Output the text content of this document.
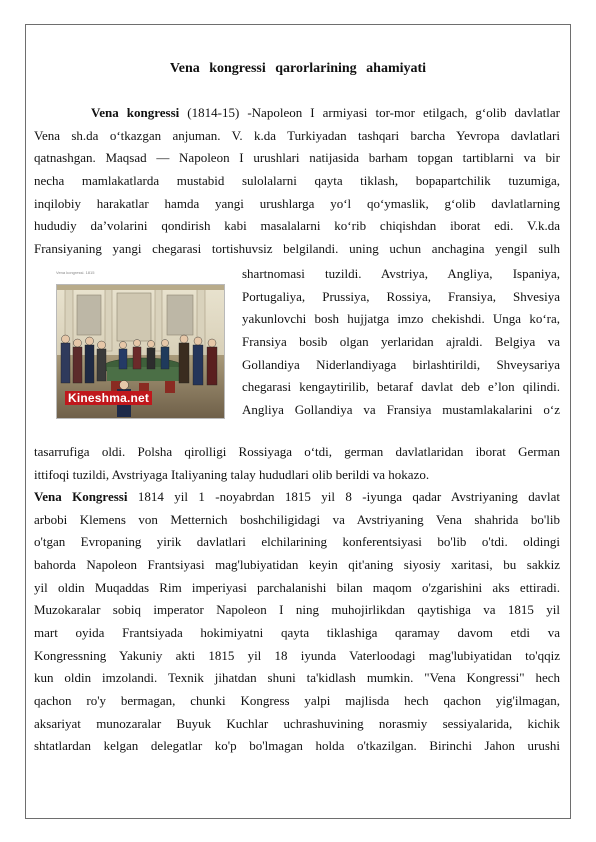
Vena kongressi qarorlarining ahamiyati
Vena kongressi (1814-15) -Napoleon I armiyasi tor-mor etilgach, g‘olib davlatlar
Vena sh.da o‘tkazgan anjuman. V. k.da Turkiyadan tashqari barcha Yevropa davlatlari
qatnashgan. Maqsad — Napoleon I urushlari natijasida barham topgan tartiblarni va bir
necha mamlakatlarda mustabid sulolalarni qayta tiklash, bopapartchilik tuzumiga,
inqilobiy harakatlar hamda yangi urushlarga yo‘l qo‘ymaslik, g‘olib davlatlarning
hududiy da’volarini qondirish kabi masalalarni ko‘rib chiqishdan iborat edi. V.k.da
Fransiyaning yangi chegarasi tortishuvsiz belgilandi. uning uchun anchagina yengil sulh
Vena kongressi. 1815
Kineshma.net
shartnomasi tuzildi. Avstriya, Angliya, Ispaniya,
Portugaliya, Prussiya, Rossiya, Fransiya, Shvesiya
yakunlovchi bosh hujjatga imzo chekishdi. Unga ko‘ra,
Fransiya bosib olgan yerlaridan ajraldi. Belgiya va
Gollandiya Niderlandiyaga birlashtirildi, Shveysariya
chegarasi kengaytirilib, betaraf davlat deb e’lon qilindi.
Angliya Gollandiya va Fransiya mustamlakalarini o‘z
tasarrufiga oldi. Polsha qirolligi Rossiyaga o‘tdi, german davlatlaridan iborat German
ittifoqi tuzildi, Avstriyaga Italiyaning talay hududlari olib berildi va hokazo.
Vena Kongressi 1814 yil 1 -noyabrdan 1815 yil 8 -iyunga qadar Avstriyaning davlat
arbobi Klemens von Metternich boshchiligidagi va Avstriyaning Vena shahrida bo'lib
o'tgan Evropaning yirik davlatlari elchilarining konferentsiyasi bo'lib o'tdi. oldingi
bahorda Napoleon Frantsiyasi mag'lubiyatidan keyin qit'aning siyosiy xaritasi, bu sakkiz
yil oldin Muqaddas Rim imperiyasi parchalanishi bilan maqom o'zgarishini aks ettiradi.
Muzokaralar sobiq imperator Napoleon I ning muhojirlikdan qaytishiga va 1815 yil
mart oyida Frantsiyada hokimiyatni qayta tiklashiga qaramay davom etdi va
Kongressning Yakuniy akti 1815 yil 18 iyunda Vaterloodagi mag'lubiyatidan to'qqiz
kun oldin imzolandi. Texnik jihatdan shuni ta'kidlash mumkin. "Vena Kongressi" hech
qachon ro'y bermagan, chunki Kongress yalpi majlisda hech qachon yig'ilmagan,
aksariyat munozaralar Buyuk Kuchlar uchrashuvining norasmiy sessiyalarida, kichik
shtatlardan kelgan delegatlar ko'p bo'lmagan holda o'tkazilgan. Birinchi Jahon urushi
